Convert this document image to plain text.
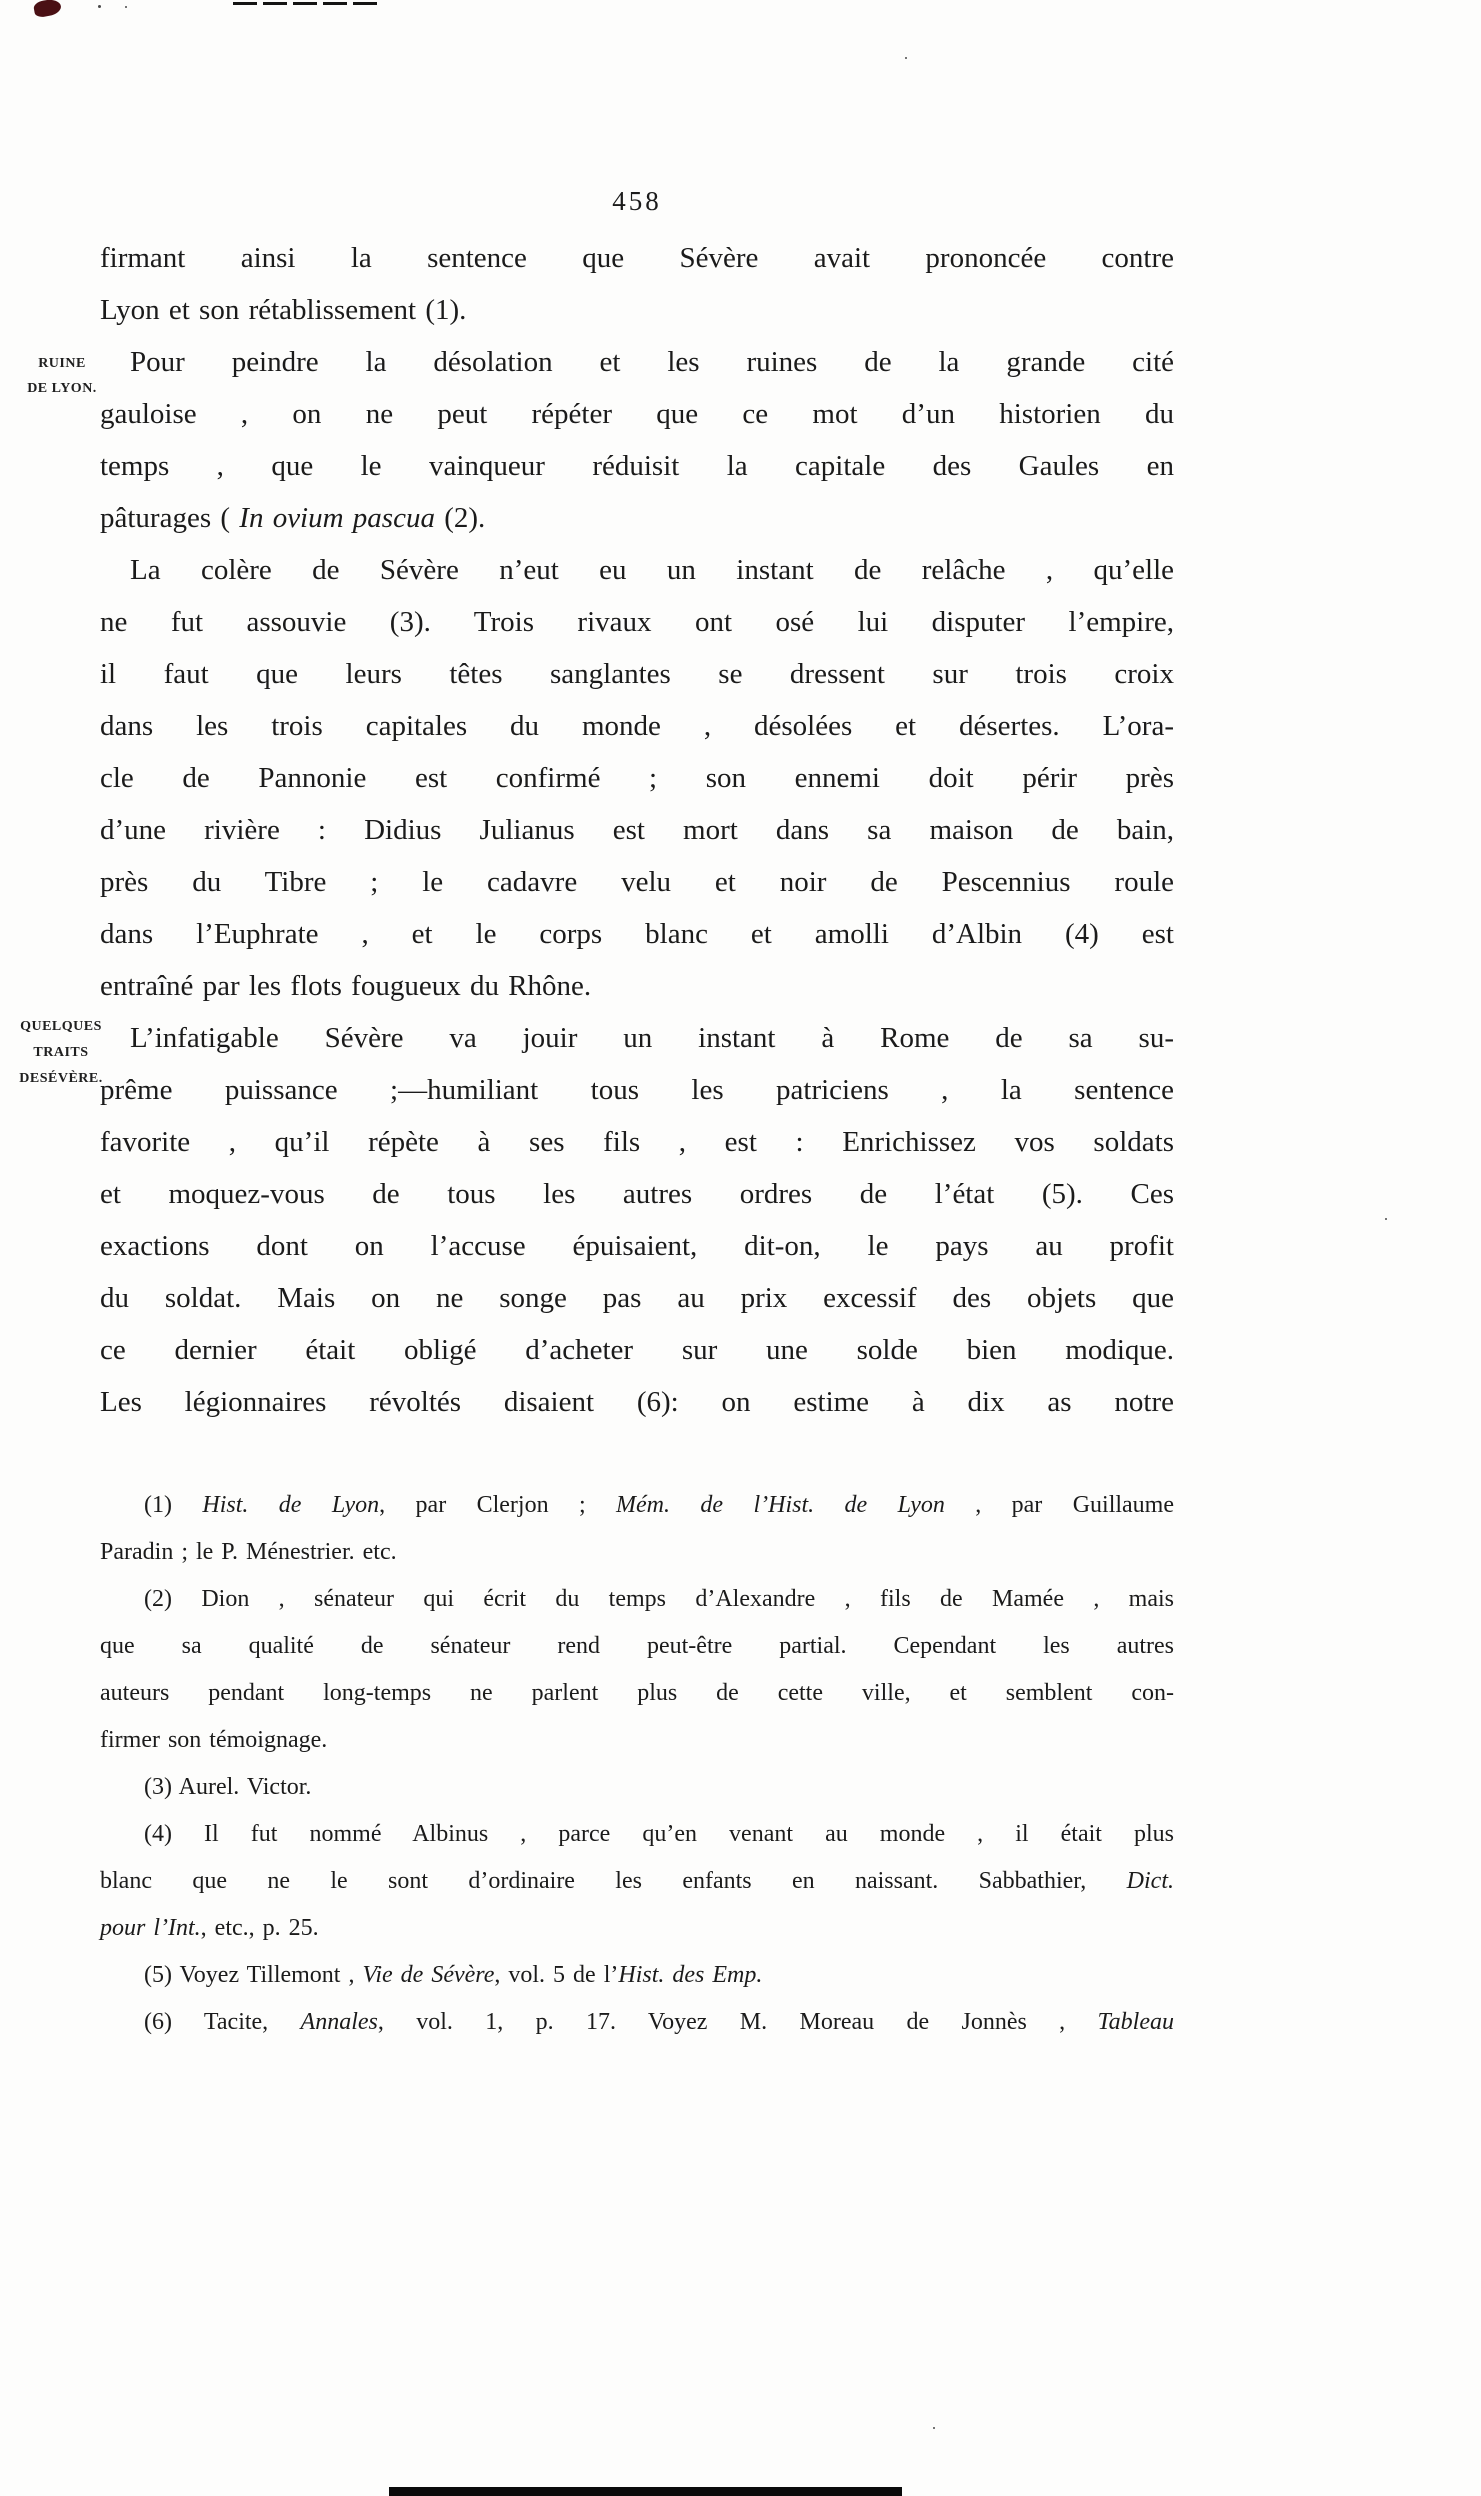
458
RUINE
DE LYON.
QUELQUES
TRAITS
DESÉVÈRE.
firmant ainsi la sentence que Sévère avait prononcée contre
Lyon et son rétablissement (1).
Pour peindre la désolation et les ruines de la grande cité
gauloise , on ne peut répéter que ce mot d’un historien du
temps , que le vainqueur réduisit la capitale des Gaules en
pâturages ( In ovium pascua (2).
La colère de Sévère n’eut eu un instant de relâche , qu’elle
ne fut assouvie (3). Trois rivaux ont osé lui disputer l’empire,
il faut que leurs têtes sanglantes se dressent sur trois croix
dans les trois capitales du monde , désolées et désertes. L’ora-
cle de Pannonie est confirmé ; son ennemi doit périr près
d’une rivière : Didius Julianus est mort dans sa maison de bain,
près du Tibre ; le cadavre velu et noir de Pescennius roule
dans l’Euphrate , et le corps blanc et amolli d’Albin (4) est
entraîné par les flots fougueux du Rhône.
L’infatigable Sévère va jouir un instant à Rome de sa su-
prême puissance ;—humiliant tous les patriciens , la sentence
favorite , qu’il répète à ses fils , est : Enrichissez vos soldats
et moquez-vous de tous les autres ordres de l’état (5). Ces
exactions dont on l’accuse épuisaient, dit-on, le pays au profit
du soldat. Mais on ne songe pas au prix excessif des objets que
ce dernier était obligé d’acheter sur une solde bien modique.
Les légionnaires révoltés disaient (6): on estime à dix as notre
(1) Hist. de Lyon, par Clerjon ; Mém. de l’Hist. de Lyon , par Guillaume
Paradin ; le P. Ménestrier. etc.
(2) Dion , sénateur qui écrit du temps d’Alexandre , fils de Mamée , mais
que sa qualité de sénateur rend peut-être partial. Cependant les autres
auteurs pendant long-temps ne parlent plus de cette ville, et semblent con-
firmer son témoignage.
(3) Aurel. Victor.
(4) Il fut nommé Albinus , parce qu’en venant au monde , il était plus
blanc que ne le sont d’ordinaire les enfants en naissant. Sabbathier, Dict.
pour l’Int., etc., p. 25.
(5) Voyez Tillemont , Vie de Sévère, vol. 5 de l’Hist. des Emp.
(6) Tacite, Annales, vol. 1, p. 17. Voyez M. Moreau de Jonnès , Tableau
